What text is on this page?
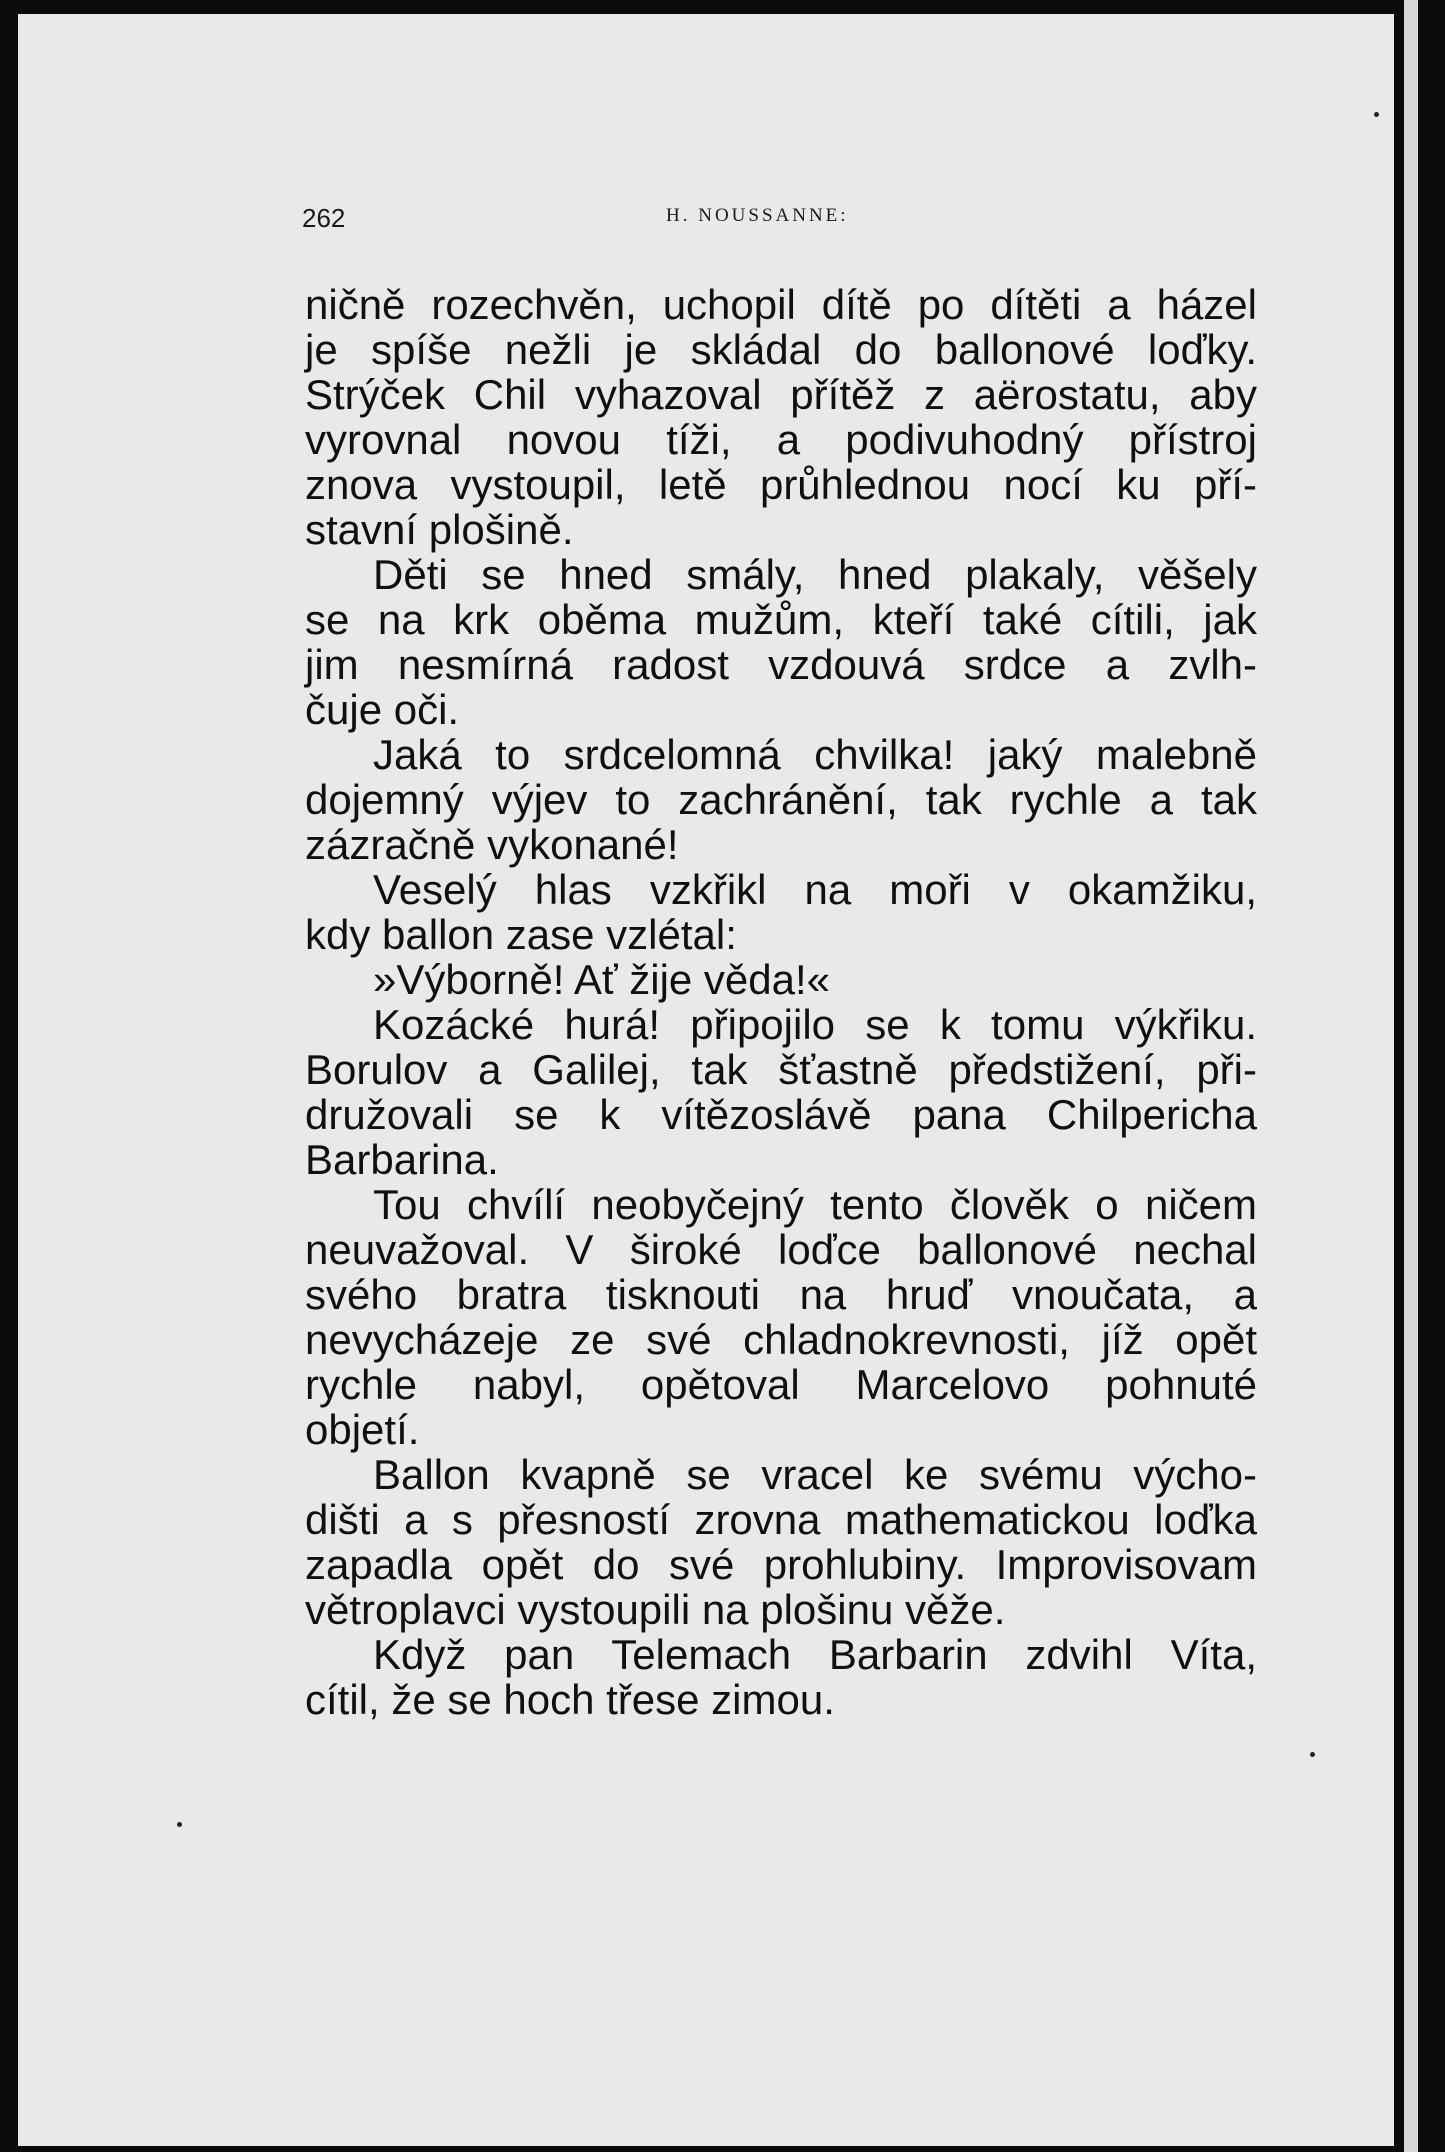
262	H. NOUSSANNE:
ničně rozechvěn, uchopil dítě po dítěti a házel
je spíše nežli je skládal do ballonové loďky.
Strýček Chil vyhazoval přítěž z aërostatu, aby
vyrovnal novou tíži, a podivuhodný přístroj
znova vystoupil, letě průhlednou nocí ku pří-
stavní plošině.
Děti se hned smály, hned plakaly, věšely
se na krk oběma mužům, kteří také cítili, jak
jim nesmírná radost vzdouvá srdce a zvlh-
čuje oči.
Jaká to srdcelomná chvilka! jaký malebně
dojemný výjev to zachránění, tak rychle a tak
zázračně vykonané!
Veselý hlas vzkřikl na moři v okamžiku,
kdy ballon zase vzlétal:
»Výborně! Ať žije věda!«
Kozácké hurá! připojilo se k tomu výkřiku.
Borulov a Galilej, tak šťastně předstižení, při-
družovali se k vítězoslávě pana Chilpericha
Barbarina.
Tou chvílí neobyčejný tento člověk o ničem
neuvažoval. V široké loďce ballonové nechal
svého bratra tisknouti na hruď vnoučata, a
nevycházeje ze své chladnokrevnosti, jíž opět
rychle nabyl, opětoval Marcelovo pohnuté
objetí.
Ballon kvapně se vracel ke svému výcho-
dišti a s přesností zrovna mathematickou loďka
zapadla opět do své prohlubiny. Improvisovam
větroplavci vystoupili na plošinu věže.
Když pan Telemach Barbarin zdvihl Víta,
cítil, že se hoch třese zimou.
